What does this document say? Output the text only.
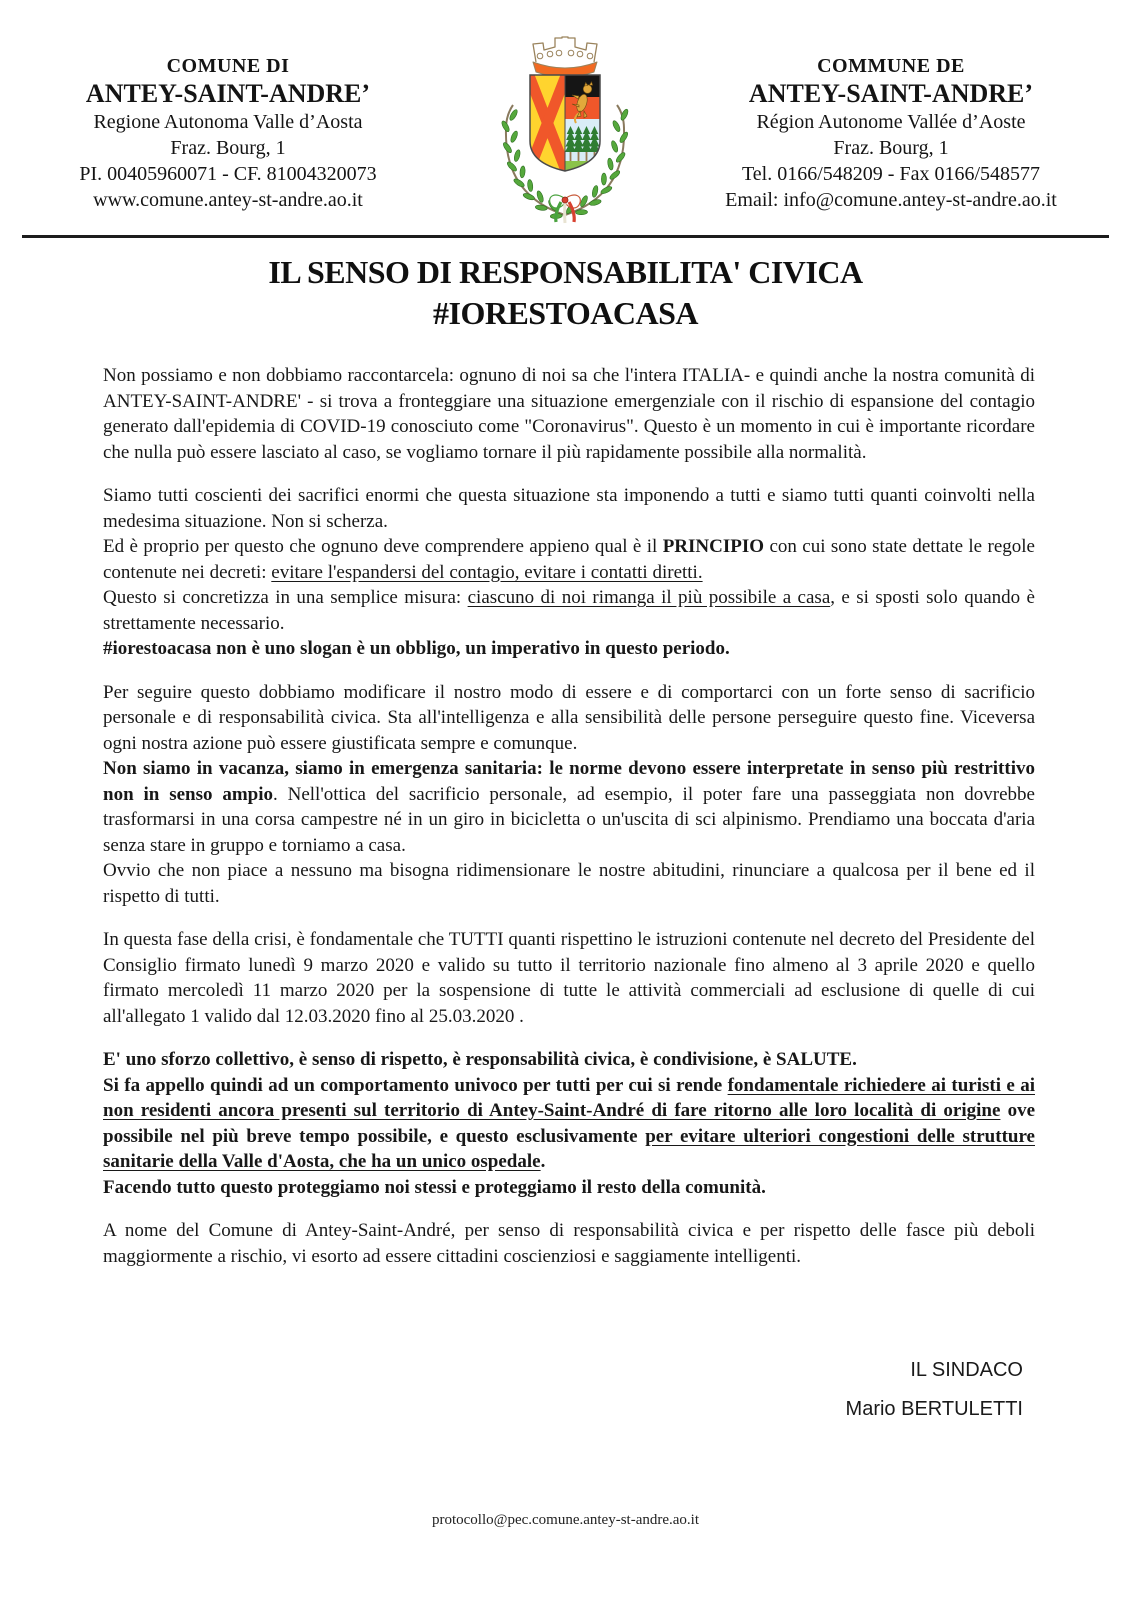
COMUNE DI
ANTEY-SAINT-ANDRE’
Regione Autonoma Valle d’Aosta
Fraz. Bourg, 1
PI. 00405960071 - CF. 81004320073
www.comune.antey-st-andre.ao.it
COMMUNE DE
ANTEY-SAINT-ANDRE’
Région Autonome Vallée d’Aoste
Fraz. Bourg, 1
Tel. 0166/548209 - Fax 0166/548577
Email: info@comune.antey-st-andre.ao.it
IL SENSO DI RESPONSABILITA' CIVICA
#IORESTOACASA
Non possiamo e non dobbiamo raccontarcela: ognuno di noi sa che l'intera ITALIA- e quindi anche la nostra comunità di ANTEY-SAINT-ANDRE' - si trova a fronteggiare una situazione emergenziale con il rischio di espansione del contagio generato dall'epidemia di COVID-19 conosciuto come "Coronavirus". Questo è un momento in cui è importante ricordare che nulla può essere lasciato al caso, se vogliamo tornare il più rapidamente possibile alla normalità.
Siamo tutti coscienti dei sacrifici enormi che questa situazione sta imponendo a tutti e siamo tutti quanti coinvolti nella medesima situazione. Non si scherza.
Ed è proprio per questo che ognuno deve comprendere appieno qual è il PRINCIPIO con cui sono state dettate le regole contenute nei decreti: evitare l'espandersi del contagio, evitare i contatti diretti.
Questo si concretizza in una semplice misura: ciascuno di noi rimanga il più possibile a casa, e si sposti solo quando è strettamente necessario.
#iorestoacasa non è uno slogan è un obbligo, un imperativo in questo periodo.
Per seguire questo dobbiamo modificare il nostro modo di essere e di comportarci con un forte senso di sacrificio personale e di responsabilità civica. Sta all'intelligenza e alla sensibilità delle persone perseguire questo fine. Viceversa ogni nostra azione può essere giustificata sempre e comunque.
Non siamo in vacanza, siamo in emergenza sanitaria: le norme devono essere interpretate in senso più restrittivo non in senso ampio. Nell'ottica del sacrificio personale, ad esempio, il poter fare una passeggiata non dovrebbe trasformarsi in una corsa campestre né in un giro in bicicletta o un'uscita di sci alpinismo. Prendiamo una boccata d'aria senza stare in gruppo e torniamo a casa.
Ovvio che non piace a nessuno ma bisogna ridimensionare le nostre abitudini, rinunciare a qualcosa per il bene ed il rispetto di tutti.
In questa fase della crisi, è fondamentale che TUTTI quanti rispettino le istruzioni contenute nel decreto del Presidente del Consiglio firmato lunedì 9 marzo 2020 e valido su tutto il territorio nazionale fino almeno al 3 aprile 2020 e quello firmato mercoledì 11 marzo 2020 per la sospensione di tutte le attività commerciali ad esclusione di quelle di cui all'allegato 1 valido dal 12.03.2020 fino al 25.03.2020 .
E' uno sforzo collettivo, è senso di rispetto, è responsabilità civica, è condivisione, è SALUTE.
Si fa appello quindi ad un comportamento univoco per tutti per cui si rende fondamentale richiedere ai turisti e ai non residenti ancora presenti sul territorio di Antey-Saint-André di fare ritorno alle loro località di origine ove possibile nel più breve tempo possibile, e questo esclusivamente per evitare ulteriori congestioni delle strutture sanitarie della Valle d'Aosta, che ha un unico ospedale.
Facendo tutto questo proteggiamo noi stessi e proteggiamo il resto della comunità.
A nome del Comune di Antey-Saint-André, per senso di responsabilità civica e per rispetto delle fasce più deboli maggiormente a rischio, vi esorto ad essere cittadini coscienziosi e saggiamente intelligenti.
IL SINDACO
Mario BERTULETTI
protocollo@pec.comune.antey-st-andre.ao.it
